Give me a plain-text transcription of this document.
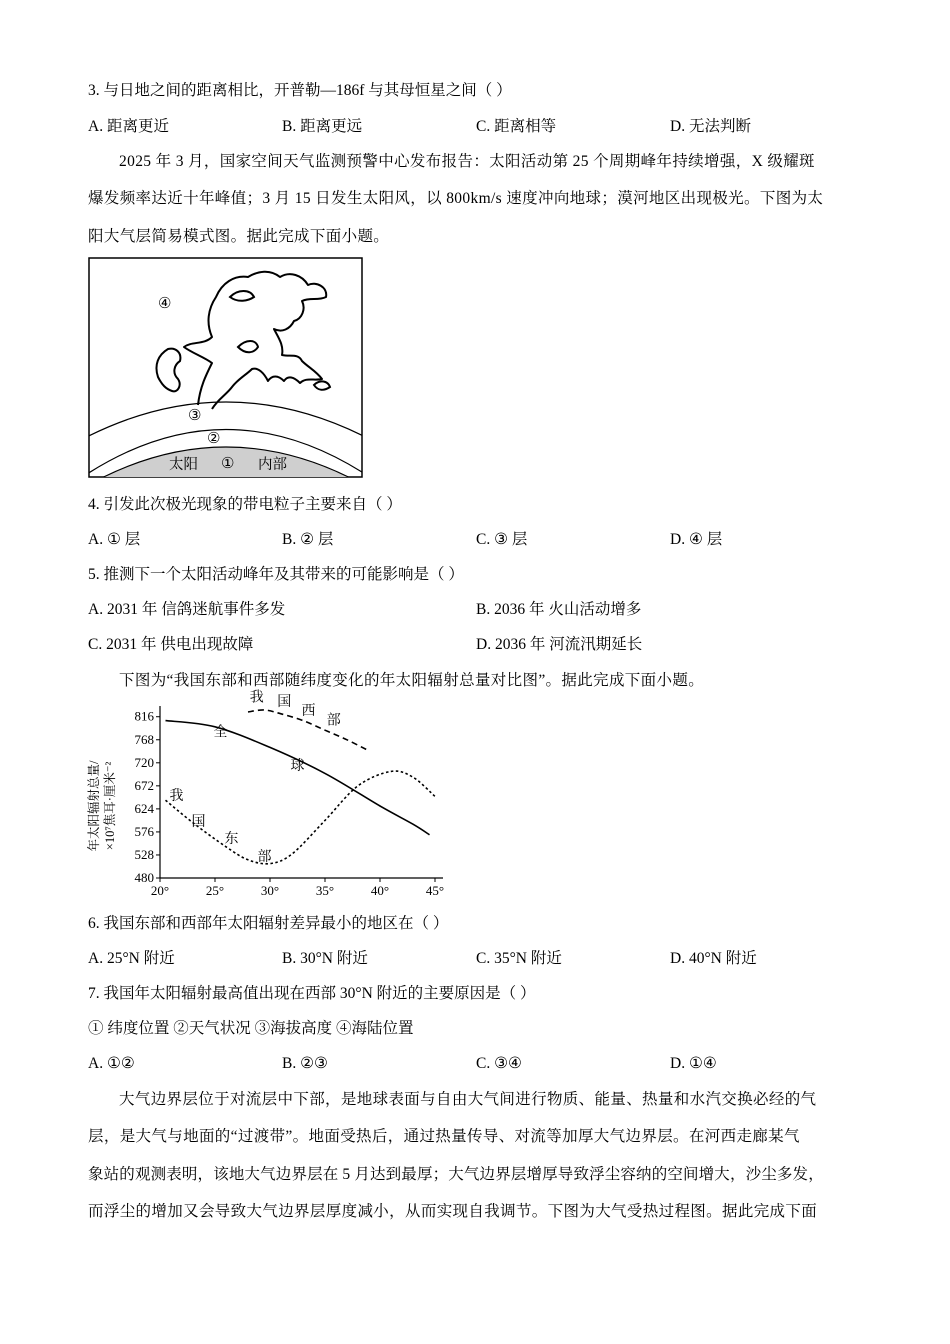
3. 与日地之间的距离相比，开普勒—186f 与其母恒星之间（ ）
A. 距离更近	B. 距离更远	C. 距离相等	D. 无法判断
2025 年 3 月，国家空间天气监测预警中心发布报告：太阳活动第 25 个周期峰年持续增强，X 级耀斑
爆发频率达近十年峰值；3 月 15 日发生太阳风，以 800km/s 速度冲向地球；漠河地区出现极光。下图为太
阳大气层简易模式图。据此完成下面小题。
④
③
②
①
太阳	内部
4. 引发此次极光现象的带电粒子主要来自（ ）
A. ① 层	B. ② 层	C. ③ 层	D. ④ 层
5. 推测下一个太阳活动峰年及其带来的可能影响是（ ）
A. 2031 年 信鸽迷航事件多发	B. 2036 年 火山活动增多
C. 2031 年 供电出现故障	D. 2036 年 河流汛期延长
下图为“我国东部和西部随纬度变化的年太阳辐射总量对比图”。据此完成下面小题。
年太阳辐射总量/ ×10⁷焦耳·厘米⁻²
816
768
720
672
624
576
528
480
20°	25°	30°	35°	40°	45°
全
球
我 国
西
部
我
国
东
部
6. 我国东部和西部年太阳辐射差异最小的地区在（ ）
A. 25°N 附近	B. 30°N 附近	C. 35°N 附近	D. 40°N 附近
7. 我国年太阳辐射最高值出现在西部 30°N 附近的主要原因是（ ）
① 纬度位置 ②天气状况 ③海拔高度 ④海陆位置
A. ①②	B. ②③	C. ③④	D. ①④
大气边界层位于对流层中下部，是地球表面与自由大气间进行物质、能量、热量和水汽交换必经的气
层，是大气与地面的“过渡带”。地面受热后，通过热量传导、对流等加厚大气边界层。在河西走廊某气
象站的观测表明，该地大气边界层在 5 月达到最厚；大气边界层增厚导致浮尘容纳的空间增大，沙尘多发，
而浮尘的增加又会导致大气边界层厚度减小，从而实现自我调节。下图为大气受热过程图。据此完成下面
